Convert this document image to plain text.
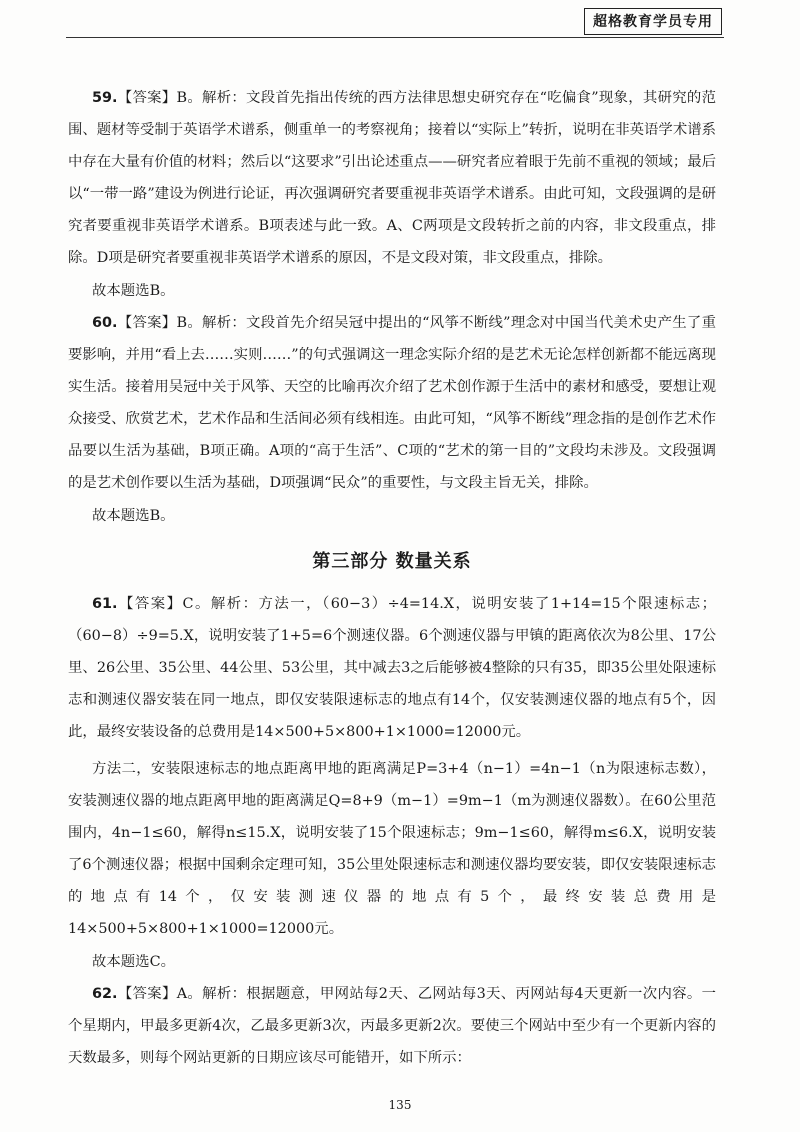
超格教育学员专用

59.【答案】B。解析：文段首先指出传统的西方法律思想史研究存在“吃偏食”现象，其研究的范围、题材等受制于英语学术谱系，侧重单一的考察视角；接着以“实际上”转折，说明在非英语学术谱系中存在大量有价值的材料；然后以“这要求”引出论述重点——研究者应着眼于先前不重视的领域；最后以“一带一路”建设为例进行论证，再次强调研究者要重视非英语学术谱系。由此可知，文段强调的是研究者要重视非英语学术谱系。B项表述与此一致。A、C两项是文段转折之前的内容，非文段重点，排除。D项是研究者要重视非英语学术谱系的原因，不是文段对策，非文段重点，排除。

故本题选B。

60.【答案】B。解析：文段首先介绍吴冠中提出的“风筝不断线”理念对中国当代美术史产生了重要影响，并用“看上去……实则……”的句式强调这一理念实际介绍的是艺术无论怎样创新都不能远离现实生活。接着用吴冠中关于风筝、天空的比喻再次介绍了艺术创作源于生活中的素材和感受，要想让观众接受、欣赏艺术，艺术作品和生活间必须有线相连。由此可知，“风筝不断线”理念指的是创作艺术作品要以生活为基础，B项正确。A项的“高于生活”、C项的“艺术的第一目的”文段均未涉及。文段强调的是艺术创作要以生活为基础，D项强调“民众”的重要性，与文段主旨无关，排除。

故本题选B。

第三部分 数量关系

61.【答案】C。解析：方法一，（60−3）÷4=14.X，说明安装了1+14=15个限速标志；（60−8）÷9=5.X，说明安装了1+5=6个测速仪器。6个测速仪器与甲镇的距离依次为8公里、17公里、26公里、35公里、44公里、53公里，其中减去3之后能够被4整除的只有35，即35公里处限速标志和测速仪器安装在同一地点，即仅安装限速标志的地点有14个，仅安装测速仪器的地点有5个，因此，最终安装设备的总费用是14×500+5×800+1×1000=12000元。

方法二，安装限速标志的地点距离甲地的距离满足P=3+4（n−1）=4n−1（n为限速标志数），安装测速仪器的地点距离甲地的距离满足Q=8+9（m−1）=9m−1（m为测速仪器数）。在60公里范围内，4n−1≤60，解得n≤15.X，说明安装了15个限速标志；9m−1≤60，解得m≤6.X，说明安装了6个测速仪器；根据中国剩余定理可知，35公里处限速标志和测速仪器均要安装，即仅安装限速标志的地点有14个，仅安装测速仪器的地点有5个，最终安装总费用是14×500+5×800+1×1000=12000元。

故本题选C。

62.【答案】A。解析：根据题意，甲网站每2天、乙网站每3天、丙网站每4天更新一次内容。一个星期内，甲最多更新4次，乙最多更新3次，丙最多更新2次。要使三个网站中至少有一个更新内容的天数最多，则每个网站更新的日期应该尽可能错开，如下所示：

135
